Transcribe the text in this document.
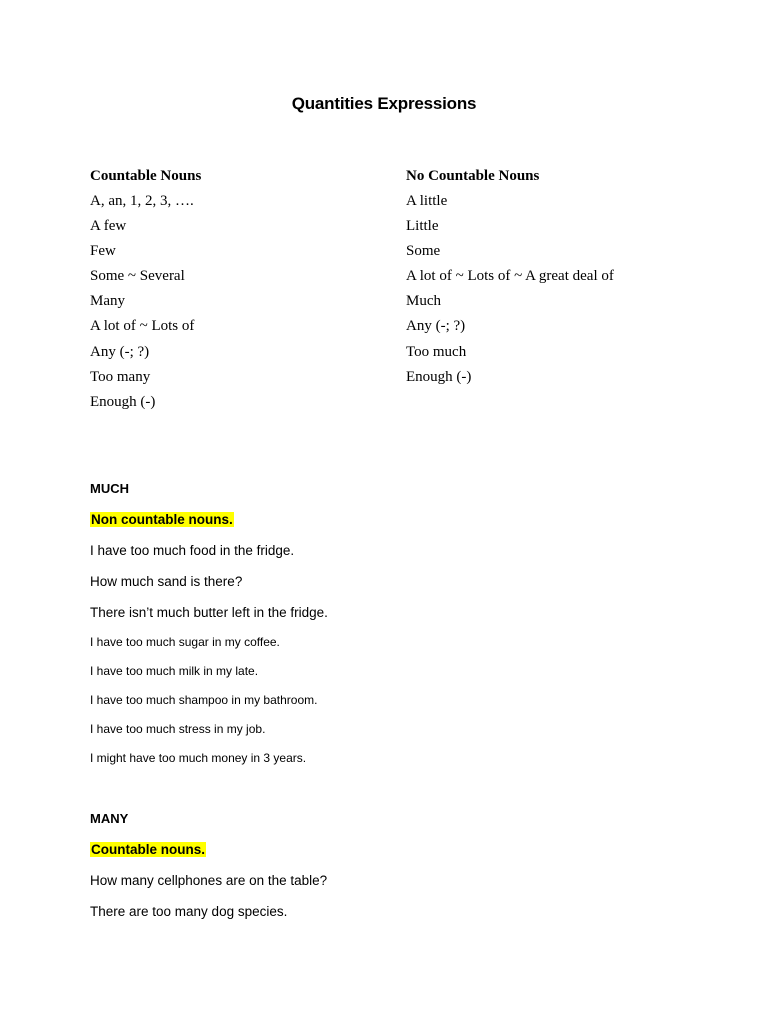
Quantities Expressions
Countable Nouns
A, an, 1, 2, 3, ….
A few
Few
Some ~ Several
Many
A lot of ~ Lots of
Any (-; ?)
Too many
Enough (-)
No Countable Nouns
A little
Little
Some
A lot of ~ Lots of ~ A great deal of
Much
Any (-; ?)
Too much
Enough (-)
MUCH
Non countable nouns.
I have too much food in the fridge.
How much sand is there?
There isn’t much butter left in the fridge.
I have too much sugar in my coffee.
I have too much milk in my late.
I have too much shampoo in my bathroom.
I have too much stress in my job.
I might have too much money in 3 years.
MANY
Countable nouns.
How many cellphones are on the table?
There are too many dog species.
